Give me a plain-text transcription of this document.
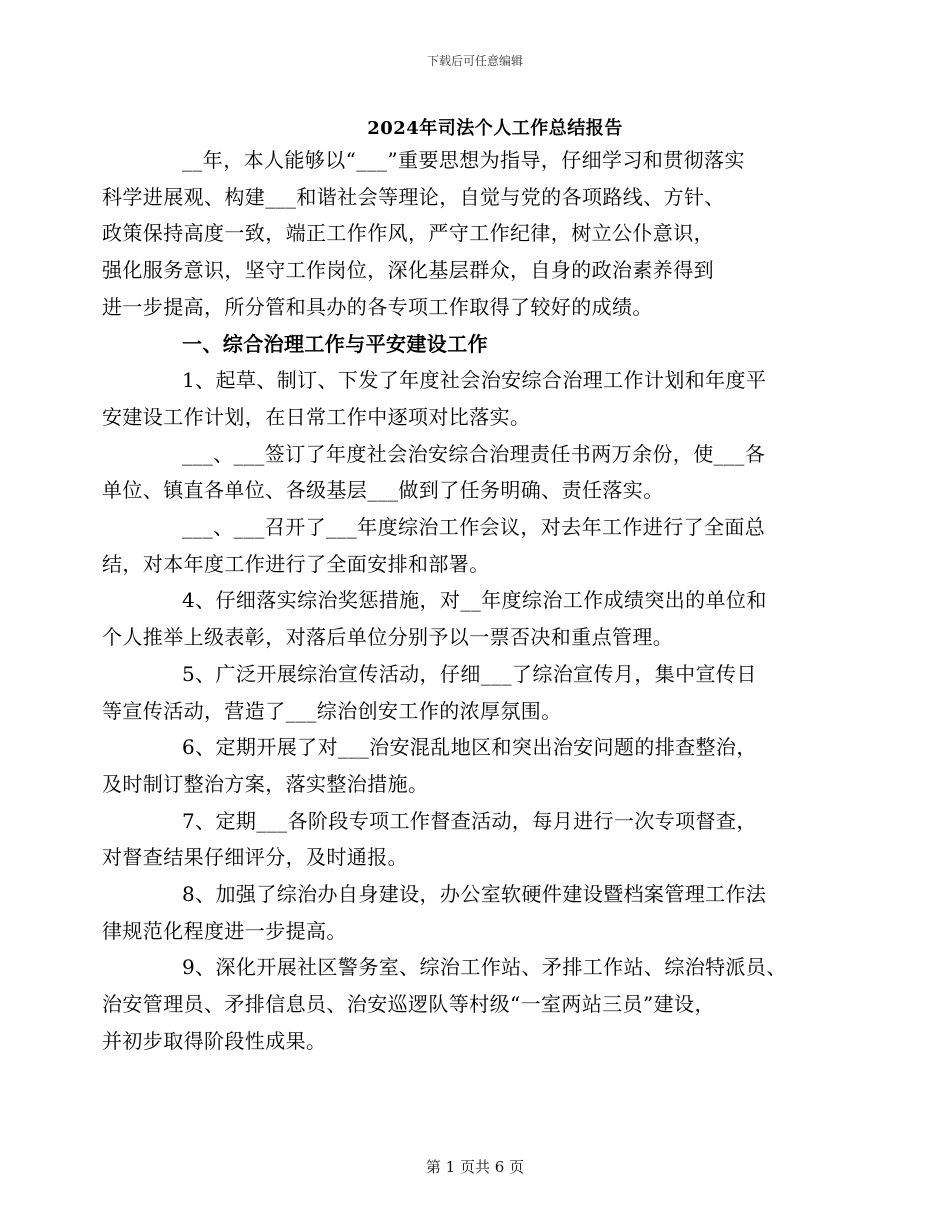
下载后可任意编辑
2024年司法个人工作总结报告

__年，本人能够以“___”重要思想为指导，仔细学习和贯彻落实
科学进展观、构建___和谐社会等理论，自觉与党的各项路线、方针、
政策保持高度一致，端正工作作风，严守工作纪律，树立公仆意识，
强化服务意识，坚守工作岗位，深化基层群众，自身的政治素养得到
进一步提高，所分管和具办的各专项工作取得了较好的成绩。

一、综合治理工作与平安建设工作

1、起草、制订、下发了年度社会治安综合治理工作计划和年度平
安建设工作计划，在日常工作中逐项对比落实。

___、___签订了年度社会治安综合治理责任书两万余份，使___各
单位、镇直各单位、各级基层___做到了任务明确、责任落实。

___、___召开了___年度综治工作会议，对去年工作进行了全面总
结，对本年度工作进行了全面安排和部署。

4、仔细落实综治奖惩措施，对__年度综治工作成绩突出的单位和
个人推举上级表彰，对落后单位分别予以一票否决和重点管理。

5、广泛开展综治宣传活动，仔细___了综治宣传月，集中宣传日
等宣传活动，营造了___综治创安工作的浓厚氛围。

6、定期开展了对___治安混乱地区和突出治安问题的排查整治，
及时制订整治方案，落实整治措施。

7、定期___各阶段专项工作督查活动，每月进行一次专项督查，
对督查结果仔细评分，及时通报。

8、加强了综治办自身建设，办公室软硬件建设暨档案管理工作法
律规范化程度进一步提高。

9、深化开展社区警务室、综治工作站、矛排工作站、综治特派员、
治安管理员、矛排信息员、治安巡逻队等村级“一室两站三员”建设，
并初步取得阶段性成果。

第 1 页共 6 页
